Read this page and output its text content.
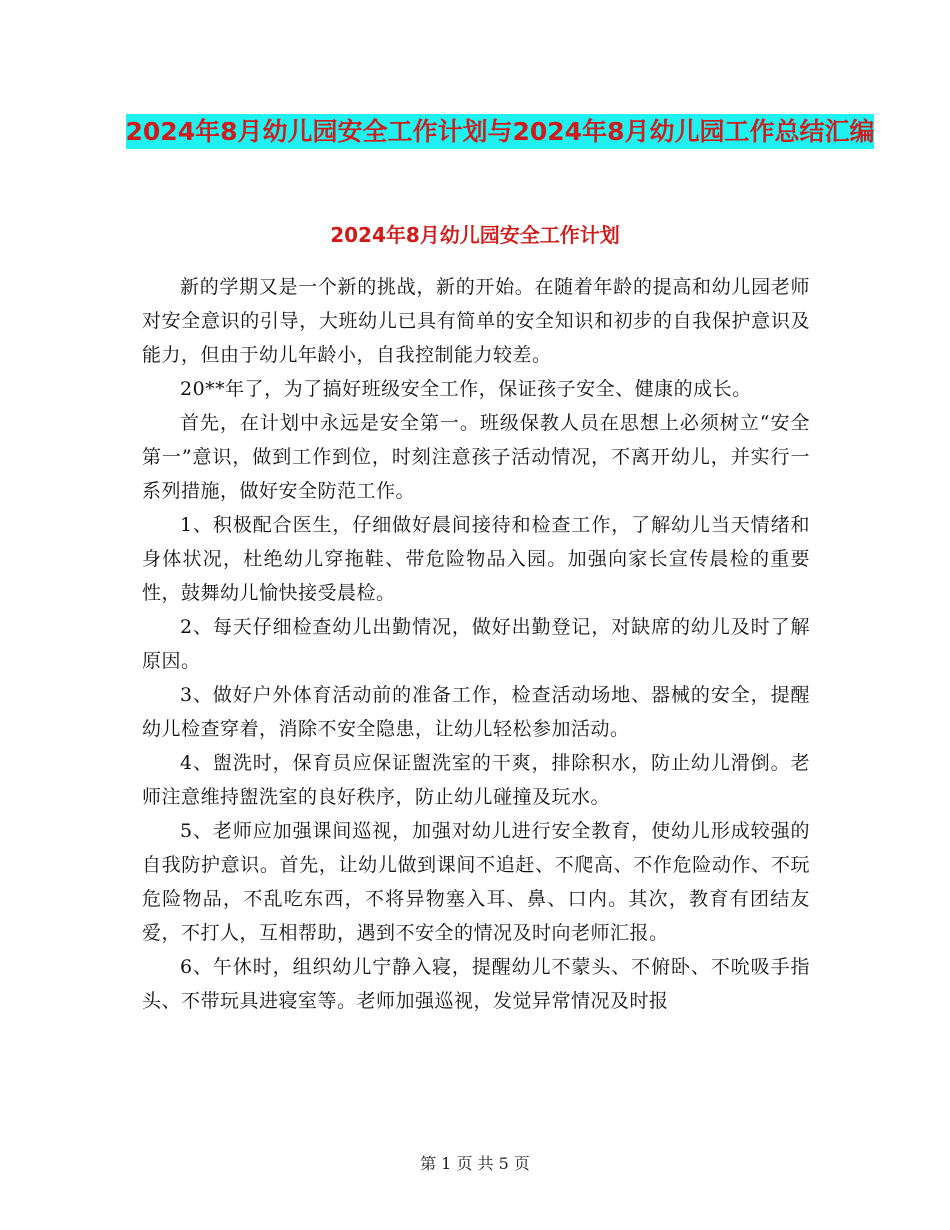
2024年8月幼儿园安全工作计划与2024年8月幼儿园工作总结汇编
2024年8月幼儿园安全工作计划

新的学期又是一个新的挑战，新的开始。在随着年龄的提高和幼儿园老师对安全意识的引导，大班幼儿已具有简单的安全知识和初步的自我保护意识及能力，但由于幼儿年龄小，自我控制能力较差。

20**年了，为了搞好班级安全工作，保证孩子安全、健康的成长。

首先，在计划中永远是安全第一。班级保教人员在思想上必须树立“安全第一”意识，做到工作到位，时刻注意孩子活动情况，不离开幼儿，并实行一系列措施，做好安全防范工作。

1、积极配合医生，仔细做好晨间接待和检查工作，了解幼儿当天情绪和身体状况，杜绝幼儿穿拖鞋、带危险物品入园。加强向家长宣传晨检的重要性，鼓舞幼儿愉快接受晨检。

2、每天仔细检查幼儿出勤情况，做好出勤登记，对缺席的幼儿及时了解原因。

3、做好户外体育活动前的准备工作，检查活动场地、器械的安全，提醒幼儿检查穿着，消除不安全隐患，让幼儿轻松参加活动。

4、盥洗时，保育员应保证盥洗室的干爽，排除积水，防止幼儿滑倒。老师注意维持盥洗室的良好秩序，防止幼儿碰撞及玩水。

5、老师应加强课间巡视，加强对幼儿进行安全教育，使幼儿形成较强的自我防护意识。首先，让幼儿做到课间不追赶、不爬高、不作危险动作、不玩危险物品，不乱吃东西，不将异物塞入耳、鼻、口内。其次，教育有团结友爱，不打人，互相帮助，遇到不安全的情况及时向老师汇报。

6、午休时，组织幼儿宁静入寝，提醒幼儿不蒙头、不俯卧、不吮吸手指头、不带玩具进寝室等。老师加强巡视，发觉异常情况及时报

第 1 页 共 5 页
